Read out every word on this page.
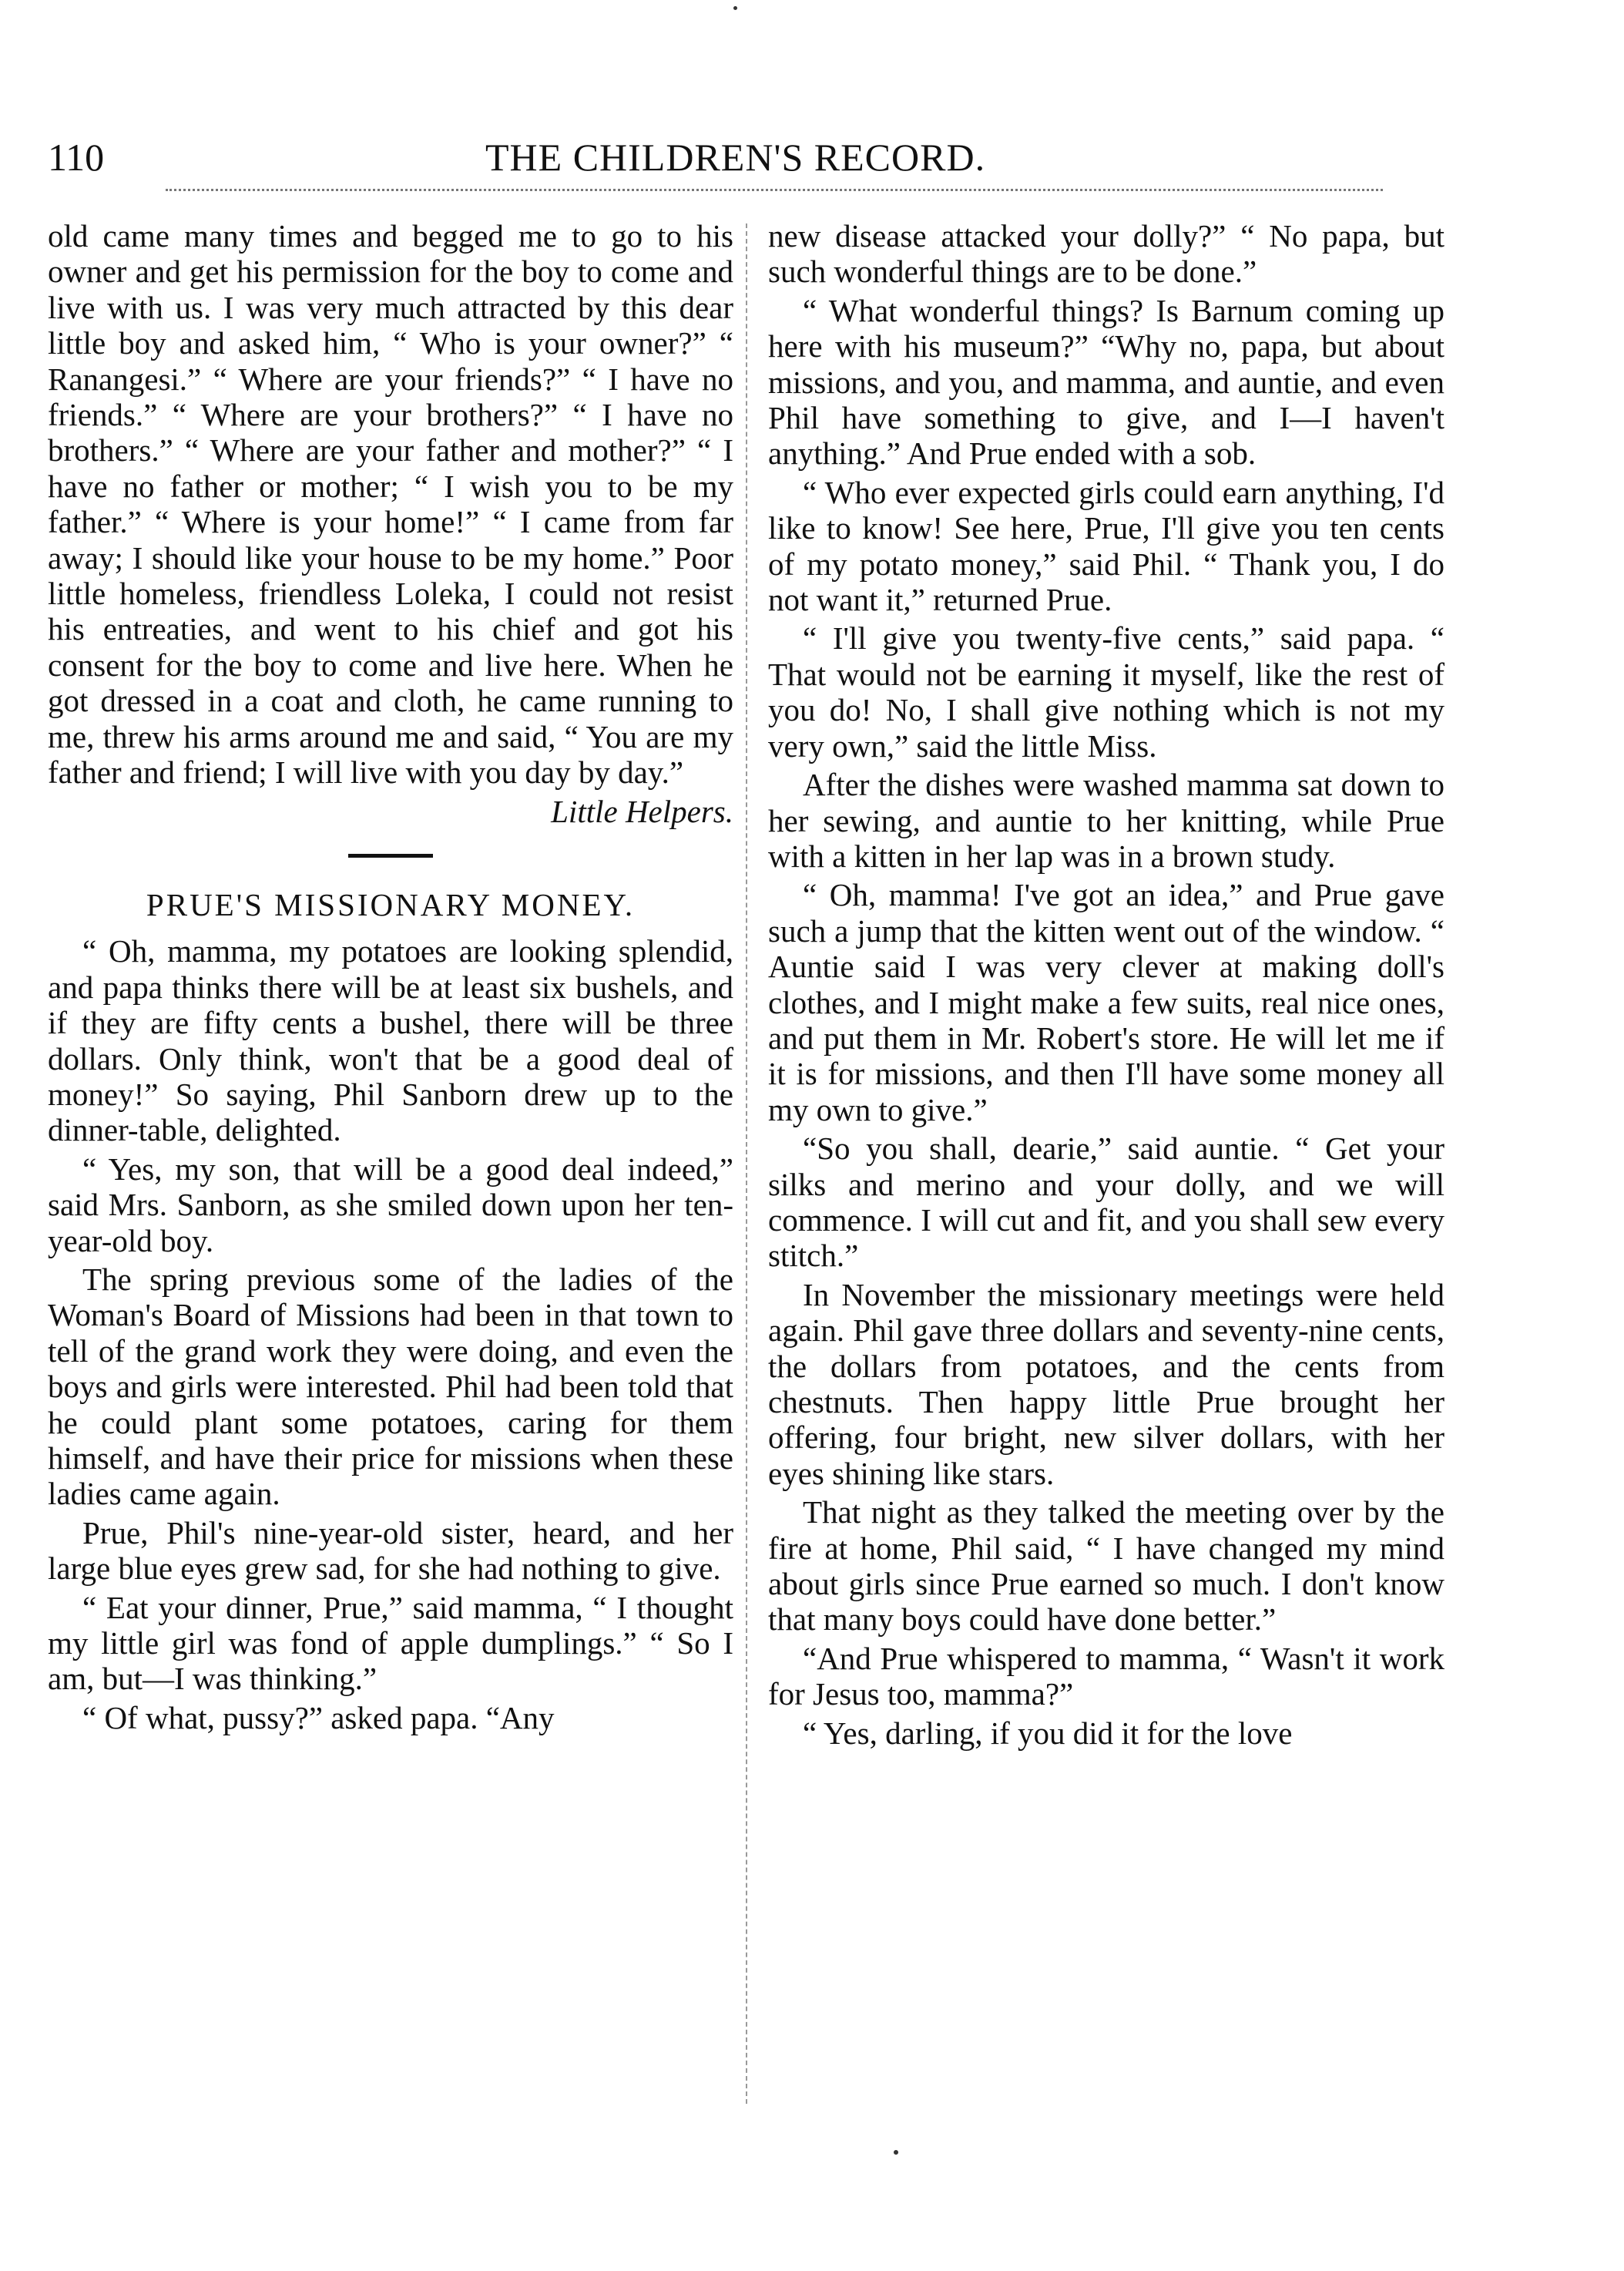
110	THE CHILDREN'S RECORD.

old came many times and begged me to go to his owner and get his permission for the boy to come and live with us. I was very much attracted by this dear little boy and asked him, “ Who is your owner?” “ Ranangesi.” “ Where are your friends?” “ I have no friends.” “ Where are your brothers?” “ I have no brothers.” “ Where are your father and mother?” “ I have no father or mother; “ I wish you to be my father.” “ Where is your home!” “ I came from far away; I should like your house to be my home.” Poor little homeless, friendless Loleka, I could not resist his entreaties, and went to his chief and got his consent for the boy to come and live here. When he got dressed in a coat and cloth, he came running to me, threw his arms around me and said, “ You are my father and friend; I will live with you day by day.”

Little Helpers.

PRUE'S MISSIONARY MONEY.

“ Oh, mamma, my potatoes are looking splendid, and papa thinks there will be at least six bushels, and if they are fifty cents a bushel, there will be three dollars. Only think, won't that be a good deal of money!” So saying, Phil Sanborn drew up to the dinner-table, delighted.

“ Yes, my son, that will be a good deal indeed,” said Mrs. Sanborn, as she smiled down upon her ten-year-old boy.

The spring previous some of the ladies of the Woman's Board of Missions had been in that town to tell of the grand work they were doing, and even the boys and girls were interested. Phil had been told that he could plant some potatoes, caring for them himself, and have their price for missions when these ladies came again.

Prue, Phil's nine-year-old sister, heard, and her large blue eyes grew sad, for she had nothing to give.

“ Eat your dinner, Prue,” said mamma, “ I thought my little girl was fond of apple dumplings.” “ So I am, but—I was thinking.”

“ Of what, pussy?” asked papa. “Any

new disease attacked your dolly?” “ No papa, but such wonderful things are to be done.”

“ What wonderful things? Is Barnum coming up here with his museum?” “Why no, papa, but about missions, and you, and mamma, and auntie, and even Phil have something to give, and I—I haven't anything.” And Prue ended with a sob.

“ Who ever expected girls could earn anything, I'd like to know! See here, Prue, I'll give you ten cents of my potato money,” said Phil. “ Thank you, I do not want it,” returned Prue.

“ I'll give you twenty-five cents,” said papa. “ That would not be earning it myself, like the rest of you do! No, I shall give nothing which is not my very own,” said the little Miss.

After the dishes were washed mamma sat down to her sewing, and auntie to her knitting, while Prue with a kitten in her lap was in a brown study.

“ Oh, mamma! I've got an idea,” and Prue gave such a jump that the kitten went out of the window. “ Auntie said I was very clever at making doll's clothes, and I might make a few suits, real nice ones, and put them in Mr. Robert's store. He will let me if it is for missions, and then I'll have some money all my own to give.”

“So you shall, dearie,” said auntie. “ Get your silks and merino and your dolly, and we will commence. I will cut and fit, and you shall sew every stitch.”

In November the missionary meetings were held again. Phil gave three dollars and seventy-nine cents, the dollars from potatoes, and the cents from chestnuts. Then happy little Prue brought her offering, four bright, new silver dollars, with her eyes shining like stars.

That night as they talked the meeting over by the fire at home, Phil said, “ I have changed my mind about girls since Prue earned so much. I don't know that many boys could have done better.”

“And Prue whispered to mamma, “ Wasn't it work for Jesus too, mamma?”

“ Yes, darling, if you did it for the love
